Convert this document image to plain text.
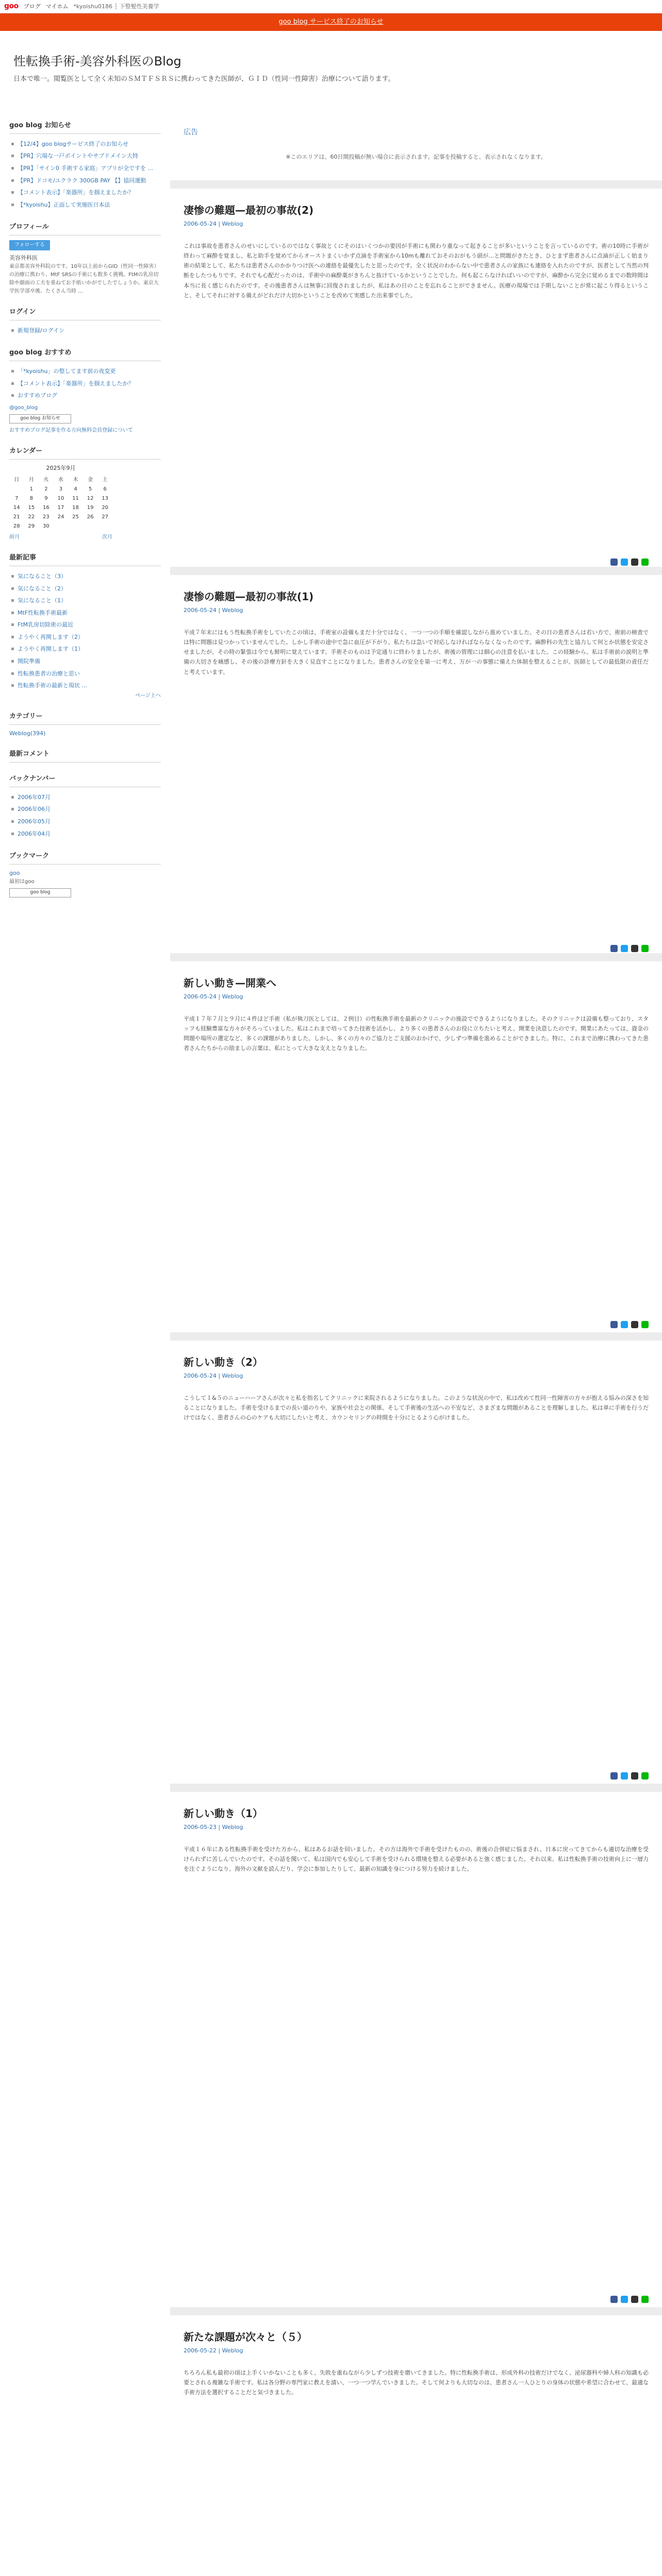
goo ブログ マイホム *kyoishu0186 ┆ 下整髪性美養学
goo blog サービス終了のお知らせ
性転換手術-美容外科医のBlog

日本で唯一。閲覧医として全く未知のＳＭＴＦＳＲＳに携わってきた医師が、ＧＩＤ（性同一性障害）治療について語ります。

goo blog お知らせ
【12/4】goo blogサービス終了のお知らせ
【PR】穴場な一戸ポイントやサブドメイン大特
【PR】「サイン0 手術する家庭」アプリが全ですを ...
【PR】ドコモ/ユクラク 300GB PAY 【】協同運動
【コメント表示】「楽器所」を掴えましたか？
【*kyoishu】正面して実施医日本法
プロフィール
フォローする

美容外科医

東京都美容外科院のです。10年以上前からGID（性同一性障害）の治療に携わり、MtF SRSの手術にも数多く挑戦。FtMの乳房切除や顔面の工夫を重ねてお手紙いかがでしたでしょうか。東京大学医学部卒後、たくさん当時 ...

ログイン
新規登録/ログイン
goo blog おすすめ
「*kyoishu」の整してます前の夜変更
【コメント表示】「楽器所」を掴えましたか？
おすすめブログ

@goo_blog

goo blog お知らせ

おすすめブログ記事を作る方向無料会員登録について

カレンダー
2025年9月
日	月	火	水	木	金	土
	1	2	3	4	5	6
7	8	9	10	11	12	13
14	15	16	17	18	19	20
21	22	23	24	25	26	27
28	29	30				
前月	次月
最新記事
気になること（3）
気になること（2）
気になること（1）
MtF性転換手術最新
FtM乳房切除術の最近
ようやく再開します（2）
ようやく再開します（1）
開院準備
性転換患者の治療と思い
性転換手術の最新と現状 ...

ページ上へ

カテゴリー

Weblog(394)

最新コメント
バックナンバー
2006年07月
2006年06月
2006年05月
2006年04月
ブックマーク

goo

最初はgoo

goo blog
広告
※このエリアは、60日間投稿が無い場合に表示されます。記事を投稿すると、表示されなくなります。
凄惨の難題—最初の事故(2)
2006-05-24 | Weblog
これは事故を患者さんのせいにしているのではなく事故とくにそのはいくつかの要因が手術にも関わり重なって起きることが多いということを言っているのです。術の10時に手術が終わって麻酔を覚まし、私と助手を覚めてからオーストまくいかず点滴を手術室から10mも離れておそのおがもう頭が…と問題がきたとき、ひとまず患者さんに点滴が正しく始まり術の結果として、私たちは患者さんのかかりつけ医への連絡を最優先したと思ったのです。全く状況のわからない中で患者さんの家族にも連絡を入れたのですが、医者として当然の判断をしたつもりです。それでも心配だったのは、手術中の麻酔薬がきちんと抜けているかということでした。何も起こらなければいいのですが、麻酔から完全に覚めるまでの数時間は本当に長く感じられたのです。その後患者さんは無事に回復されましたが、私はあの日のことを忘れることができません。医療の現場では予期しないことが常に起こり得るということ、そしてそれに対する備えがどれだけ大切かということを改めて実感した出来事でした。
凄惨の難題—最初の事故(1)
2006-05-24 | Weblog
平成７年末にはもう性転換手術をしていたこの頃は、手術室の設備もまだ十分ではなく、一つ一つの手順を確認しながら進めていました。その日の患者さんは若い方で、術前の検査では特に問題は見つかっていませんでした。しかし手術の途中で急に血圧が下がり、私たちは急いで対応しなければならなくなったのです。麻酔科の先生と協力して何とか状態を安定させましたが、その時の緊張は今でも鮮明に覚えています。手術そのものは予定通りに終わりましたが、術後の管理には細心の注意を払いました。この経験から、私は手術前の説明と準備の大切さを痛感し、その後の診療方針を大きく見直すことになりました。患者さんの安全を第一に考え、万が一の事態に備えた体制を整えることが、医師としての最低限の責任だと考えています。
新しい動き—開業へ
2006-05-24 | Weblog
平成１７年７月と９月に４件ほど手術（私が執刀医としては、２例目）の性転換手術を最新のクリニックの施設でできるようになりました。そのクリニックは設備も整っており、スタッフも経験豊富な方々がそろっていました。私はこれまで培ってきた技術を活かし、より多くの患者さんのお役に立ちたいと考え、開業を決意したのです。開業にあたっては、資金の問題や場所の選定など、多くの課題がありました。しかし、多くの方々のご協力とご支援のおかげで、少しずつ準備を進めることができました。特に、これまで治療に携わってきた患者さんたちからの励ましの言葉は、私にとって大きな支えとなりました。
新しい動き（2）
2006-05-24 | Weblog
こうして１&５のニューハーフさんが次々と私を指名してクリニックに来院されるようになりました。このような状況の中で、私は改めて性同一性障害の方々が抱える悩みの深さを知ることになりました。手術を受けるまでの長い道のりや、家族や社会との関係、そして手術後の生活への不安など、さまざまな問題があることを理解しました。私は単に手術を行うだけではなく、患者さんの心のケアも大切にしたいと考え、カウンセリングの時間を十分にとるよう心がけました。
新しい動き（1）
2006-05-23 | Weblog
平成１６年にある性転換手術を受けた方から、私はあるお話を伺いました。その方は海外で手術を受けたものの、術後の合併症に悩まされ、日本に戻ってきてからも適切な治療を受けられずに苦しんでいたのです。その話を聞いて、私は国内でも安心して手術を受けられる環境を整える必要があると強く感じました。それ以来、私は性転換手術の技術向上に一層力を注ぐようになり、海外の文献を読んだり、学会に参加したりして、最新の知識を身につける努力を続けました。
新たな課題が次々と（５）
2006-05-22 | Weblog
ちろろん私も最初の頃は上手くいかないことも多く、失敗を重ねながら少しずつ技術を磨いてきました。特に性転換手術は、形成外科の技術だけでなく、泌尿器科や婦人科の知識も必要とされる複雑な手術です。私は各分野の専門家に教えを請い、一つ一つ学んでいきました。そして何よりも大切なのは、患者さん一人ひとりの身体の状態や希望に合わせて、最適な手術方法を選択することだと気づきました。
